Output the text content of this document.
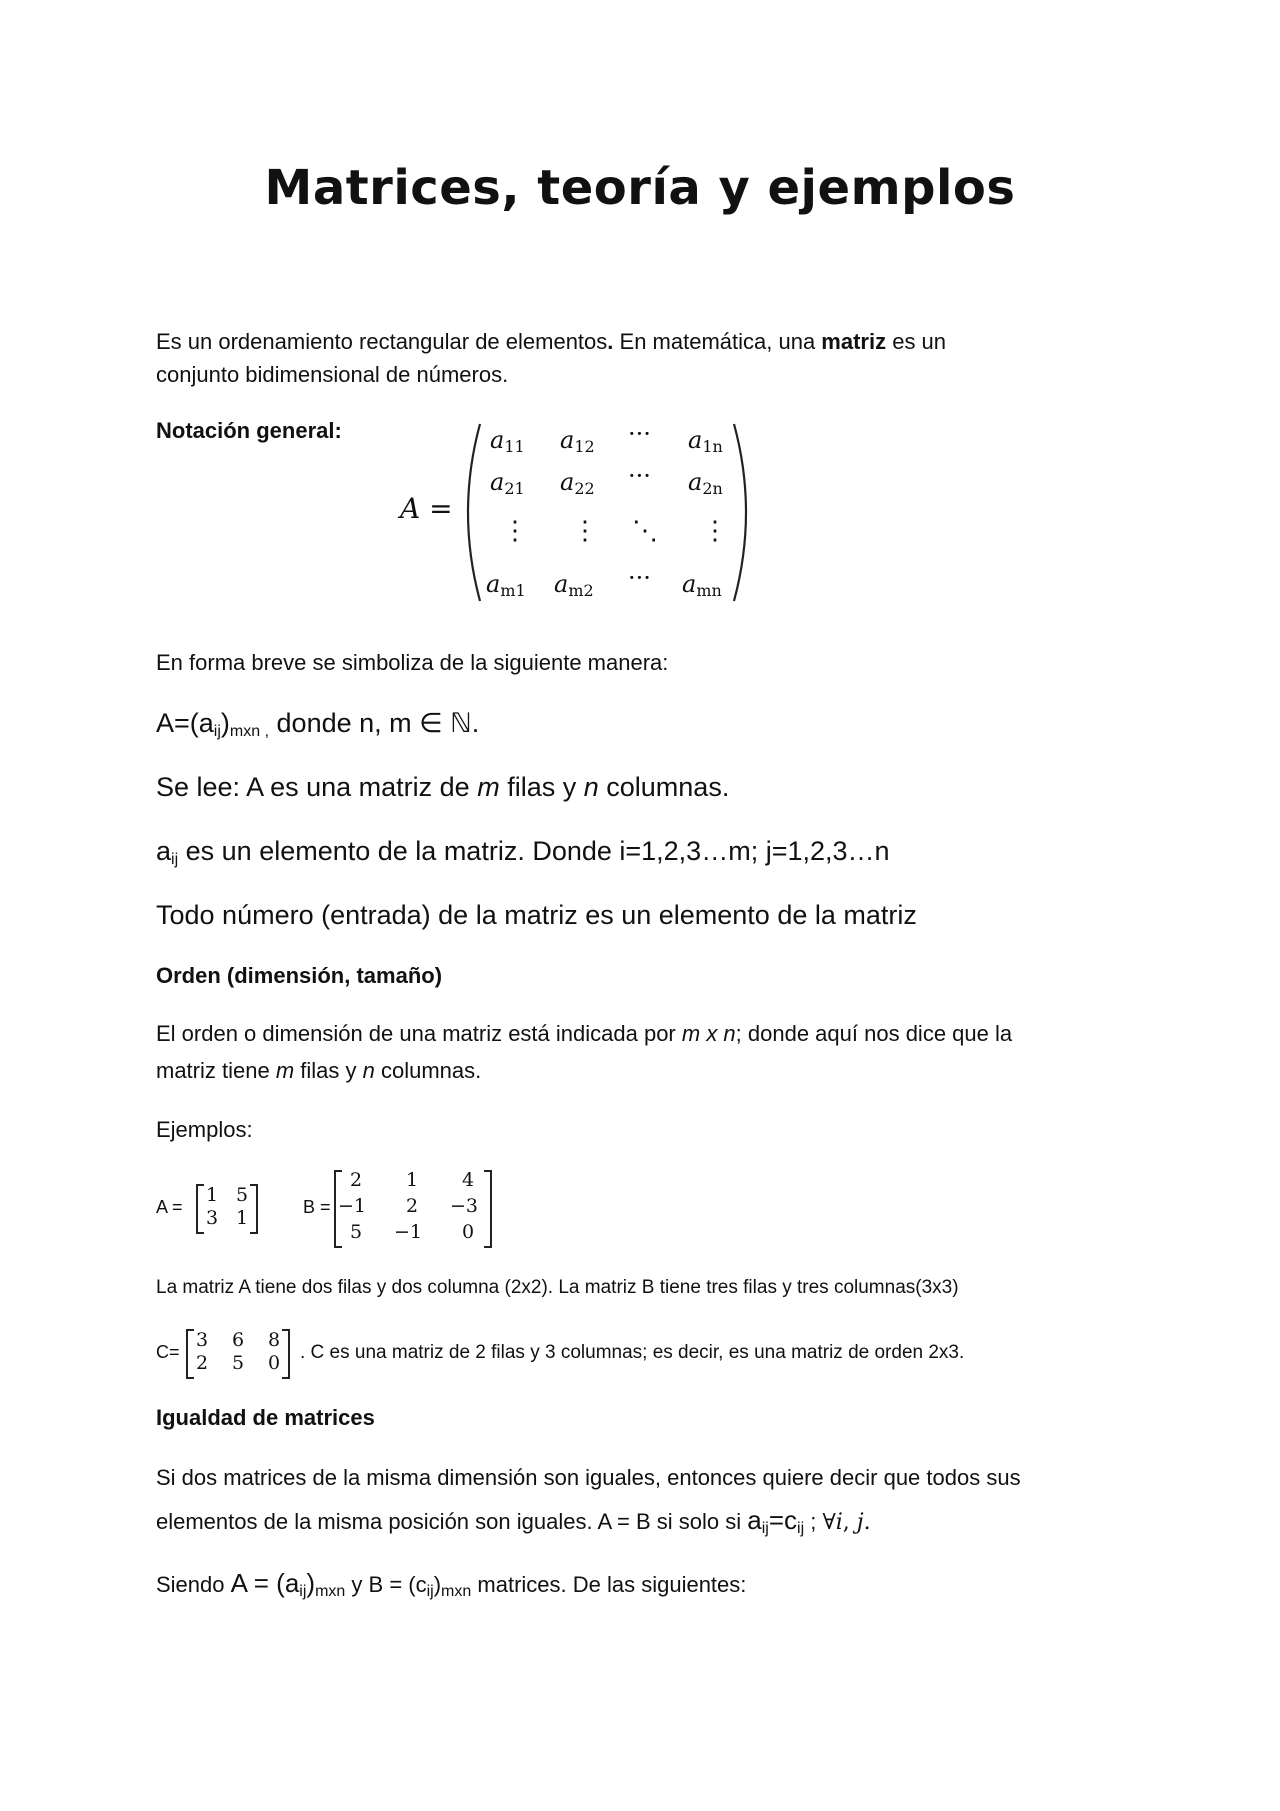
Matrices, teoría y ejemplos
Es un ordenamiento rectangular de elementos. En matemática, una matriz es un
conjunto bidimensional de números.
Notación general:
A =
$a_{11}$ $a_{12}$ ··· $a_{1n}$
$a_{21}$ $a_{22}$ ··· $a_{2n}$
⋮ ⋮ ⋱ ⋮
$a_{m1}$ $a_{m2}$ ··· $a_{mn}$
En forma breve se simboliza de la siguiente manera:
$A=(a_{ij})_{mxn ,}$ donde n, m ∈ ℕ.
Se lee: A es una matriz de m filas y n columnas.
$a_{ij}$ es un elemento de la matriz. Donde i=1,2,3…m; j=1,2,3…n
Todo número (entrada) de la matriz es un elemento de la matriz
Orden (dimensión, tamaño)
El orden o dimensión de una matriz está indicada por m x n; donde aquí nos dice que la
matriz tiene m filas y n columnas.
Ejemplos:
A =
1 5
3 1	B =
2 1 4
−1 2 −3
5 −1 0
La matriz A tiene dos filas y dos columna (2x2). La matriz B tiene tres filas y tres columnas(3x3)
C=
3 6 8
2 5 0 . C es una matriz de 2 filas y 3 columnas; es decir, es una matriz de orden 2x3.
Igualdad de matrices
Si dos matrices de la misma dimensión son iguales, entonces quiere decir que todos sus
elementos de la misma posición son iguales. A = B si solo si $a_{ij}=c_{ij}$ ; ∀𝑖, 𝑗.
Siendo $A = (a_{ij})_{mxn}$ y $B = (c_{ij})_{mxn}$ matrices. De las siguientes:
